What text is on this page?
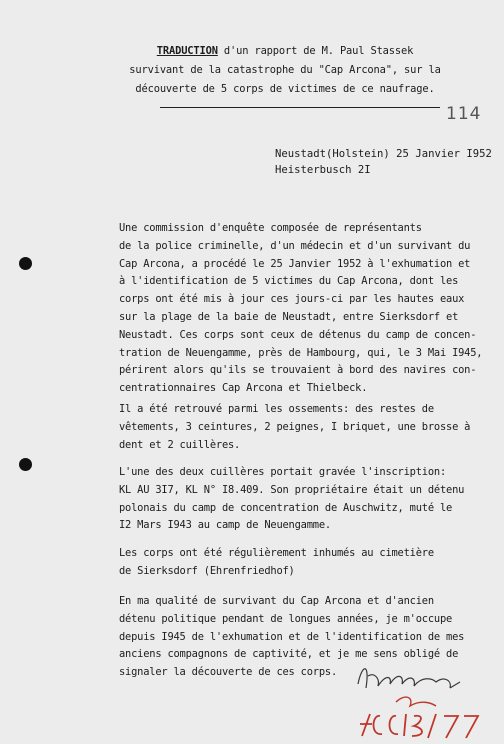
TRADUCTION d'un rapport de M. Paul Stassek
survivant de la catastrophe du "Cap Arcona", sur la
découverte de 5 corps de victimes de ce naufrage.
114
Neustadt(Holstein) 25 Janvier I952
Heisterbusch 2I
Une commission d'enquête composée de représentants
de la police criminelle, d'un médecin et d'un survivant du
Cap Arcona, a procédé le 25 Janvier 1952 à l'exhumation et
à l'identification de 5 victimes du Cap Arcona, dont les
corps ont été mis à jour ces jours-ci par les hautes eaux
sur la plage de la baie de Neustadt, entre Sierksdorf et
Neustadt. Ces corps sont ceux de détenus du camp de concen-
tration de Neuengamme, près de Hambourg, qui, le 3 Mai I945,
périrent alors qu'ils se trouvaient à bord des navires con-
centrationnaires Cap Arcona et Thielbeck.
Il a été retrouvé parmi les ossements: des restes de
vêtements, 3 ceintures, 2 peignes, I briquet, une brosse à
dent et 2 cuillères.
L'une des deux cuillères portait gravée l'inscription:
KL AU 3I7, KL N° I8.409. Son propriétaire était un détenu
polonais du camp de concentration de Auschwitz, muté le
I2 Mars I943 au camp de Neuengamme.
Les corps ont été régulièrement inhumés au cimetière
de Sierksdorf (Ehrenfriedhof)
En ma qualité de survivant du Cap Arcona et d'ancien
détenu politique pendant de longues années, je m'occupe
depuis I945 de l'exhumation et de l'identification de mes
anciens compagnons de captivité, et je me sens obligé de
signaler la découverte de ces corps.
